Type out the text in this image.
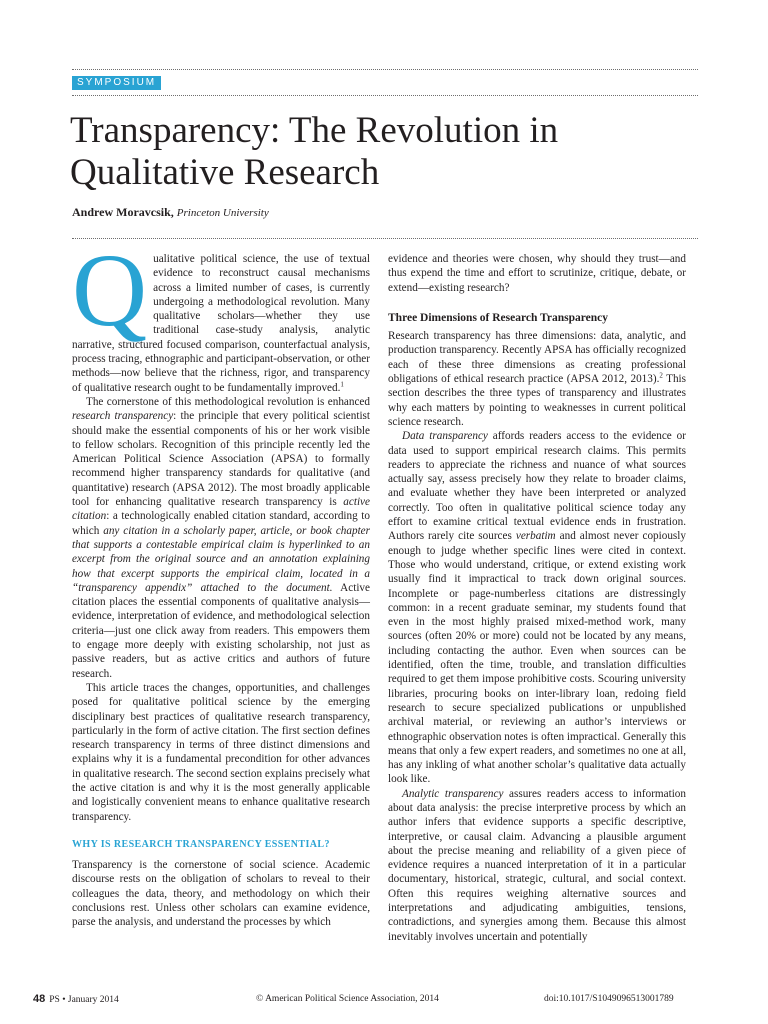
SYMPOSIUM
Transparency: The Revolution in Qualitative Research
Andrew Moravcsik, Princeton University

Qualitative political science, the use of textual evidence to reconstruct causal mechanisms across a limited number of cases, is currently undergoing a methodological revolution. Many qualitative scholars—whether they use traditional case-study analysis, analytic narrative, structured focused comparison, counterfactual analysis, process tracing, ethnographic and participant-observation, or other methods—now believe that the richness, rigor, and transparency of qualitative research ought to be fundamentally improved.$^1$

The cornerstone of this methodological revolution is enhanced research transparency: the principle that every political scientist should make the essential components of his or her work visible to fellow scholars. Recognition of this principle recently led the American Political Science Association (APSA) to formally recommend higher transparency standards for qualitative (and quantitative) research (APSA 2012). The most broadly applicable tool for enhancing qualitative research transparency is active citation: a technologically enabled citation standard, according to which any citation in a scholarly paper, article, or book chapter that supports a contestable empirical claim is hyperlinked to an excerpt from the original source and an annotation explaining how that excerpt supports the empirical claim, located in a “transparency appendix” attached to the document. Active citation places the essential components of qualitative analysis—evidence, interpretation of evidence, and methodological selection criteria—just one click away from readers. This empowers them to engage more deeply with existing scholarship, not just as passive readers, but as active critics and authors of future research.

This article traces the changes, opportunities, and challenges posed for qualitative political science by the emerging disciplinary best practices of qualitative research transparency, particularly in the form of active citation. The first section defines research transparency in terms of three distinct dimensions and explains why it is a fundamental precondition for other advances in qualitative research. The second section explains precisely what the active citation is and why it is the most generally applicable and logistically convenient means to enhance qualitative research transparency.

WHY IS RESEARCH TRANSPARENCY ESSENTIAL?

Transparency is the cornerstone of social science. Academic discourse rests on the obligation of scholars to reveal to their colleagues the data, theory, and methodology on which their conclusions rest. Unless other scholars can examine evidence, parse the analysis, and understand the processes by which

evidence and theories were chosen, why should they trust—and thus expend the time and effort to scrutinize, critique, debate, or extend—existing research?

Three Dimensions of Research Transparency

Research transparency has three dimensions: data, analytic, and production transparency. Recently APSA has officially recognized each of these three dimensions as creating professional obligations of ethical research practice (APSA 2012, 2013).$^2$ This section describes the three types of transparency and illustrates why each matters by pointing to weaknesses in current political science research.

Data transparency affords readers access to the evidence or data used to support empirical research claims. This permits readers to appreciate the richness and nuance of what sources actually say, assess precisely how they relate to broader claims, and evaluate whether they have been interpreted or analyzed correctly. Too often in qualitative political science today any effort to examine critical textual evidence ends in frustration. Authors rarely cite sources verbatim and almost never copiously enough to judge whether specific lines were cited in context. Those who would understand, critique, or extend existing work usually find it impractical to track down original sources. Incomplete or page-numberless citations are distressingly common: in a recent graduate seminar, my students found that even in the most highly praised mixed-method work, many sources (often 20% or more) could not be located by any means, including contacting the author. Even when sources can be identified, often the time, trouble, and translation difficulties required to get them impose prohibitive costs. Scouring university libraries, procuring books on inter-library loan, redoing field research to secure specialized publications or unpublished archival material, or reviewing an author’s interviews or ethnographic observation notes is often impractical. Generally this means that only a few expert readers, and sometimes no one at all, has any inkling of what another scholar’s qualitative data actually look like.

Analytic transparency assures readers access to information about data analysis: the precise interpretive process by which an author infers that evidence supports a specific descriptive, interpretive, or causal claim. Advancing a plausible argument about the precise meaning and reliability of a given piece of evidence requires a nuanced interpretation of it in a particular documentary, historical, strategic, cultural, and social context. Often this requires weighing alternative sources and interpretations and adjudicating ambiguities, tensions, contradictions, and synergies among them. Because this almost inevitably involves uncertain and potentially

48 PS • January 2014	© American Political Science Association, 2014	doi:10.1017/S1049096513001789
